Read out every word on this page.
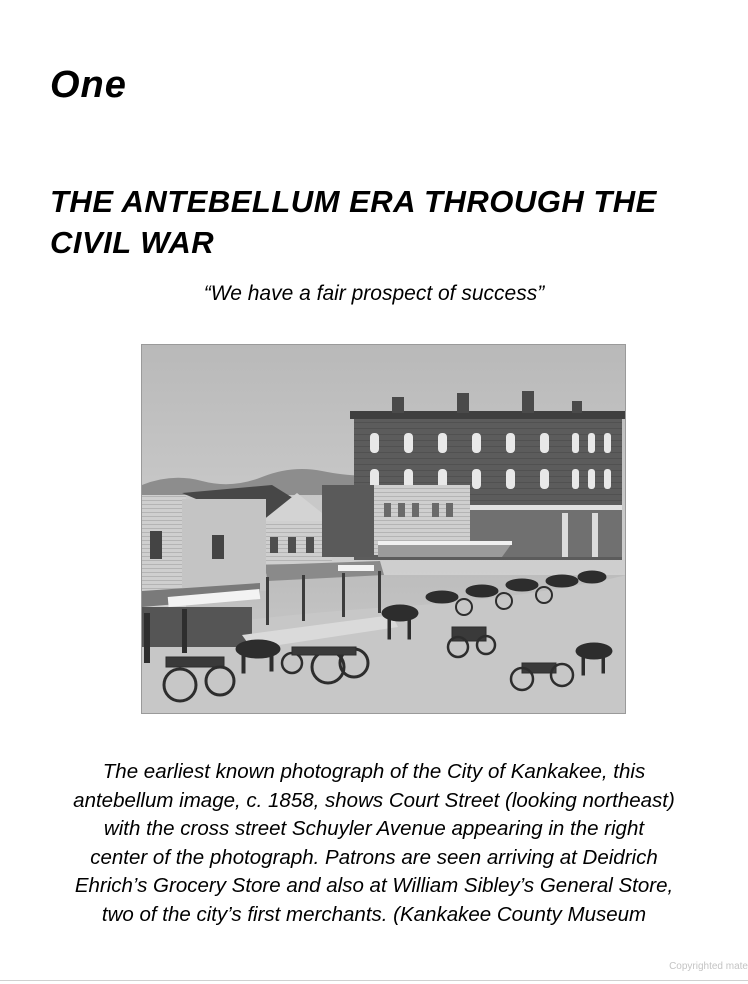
One
THE ANTEBELLUM ERA THROUGH THE CIVIL WAR
“We have a fair prospect of success”
The earliest known photograph of the City of Kankakee, this
antebellum image, c. 1858, shows Court Street (looking northeast)
with the cross street Schuyler Avenue appearing in the right
center of the photograph. Patrons are seen arriving at Deidrich
Ehrich’s Grocery Store and also at William Sibley’s General Store,
two of the city’s first merchants. (Kankakee County Museum
Copyrighted mate
